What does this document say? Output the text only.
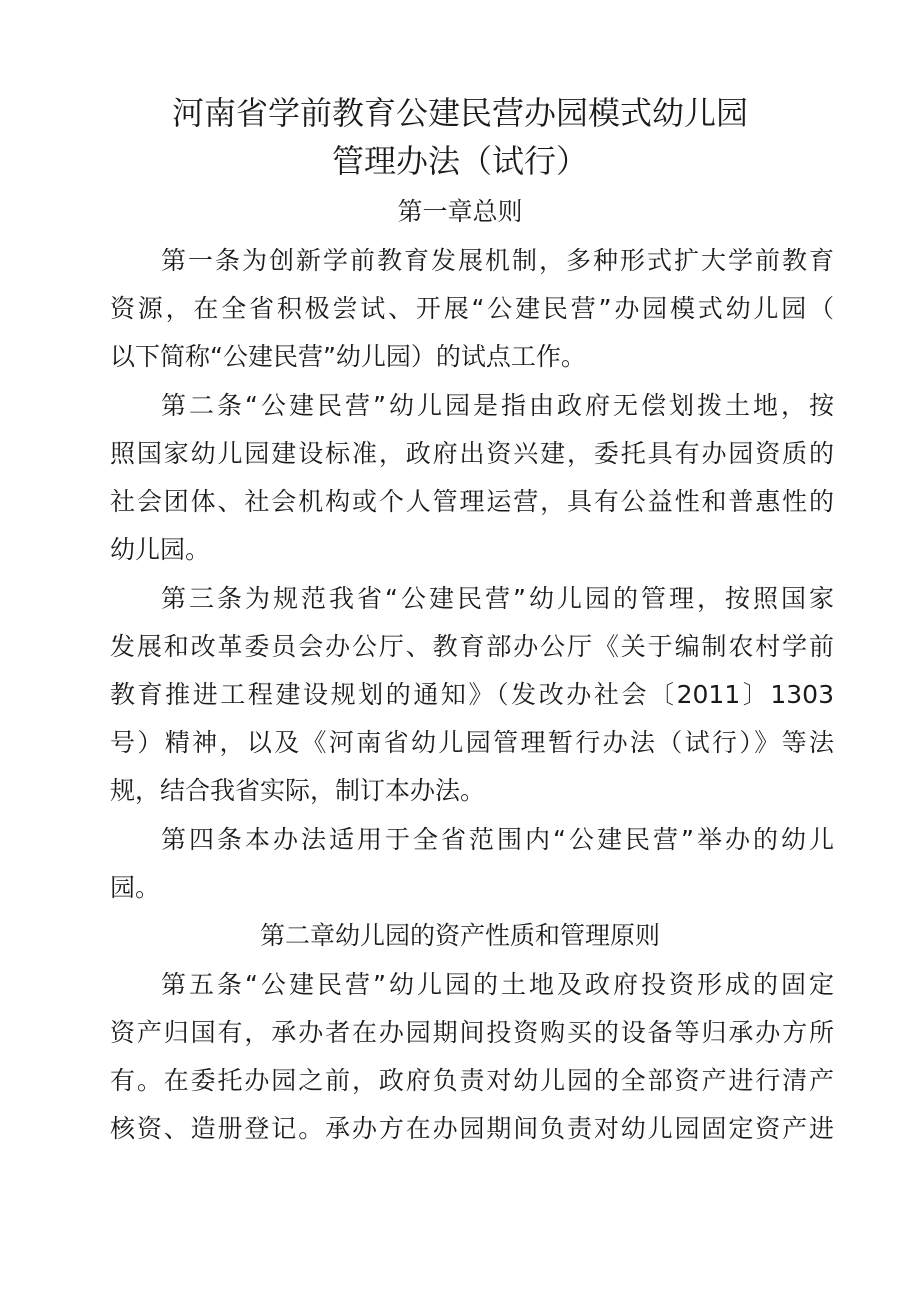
河南省学前教育公建民营办园模式幼儿园
管理办法（试行）
第一章总则
第一条为创新学前教育发展机制，多种形式扩大学前教育
资源，在全省积极尝试、开展“公建民营”办园模式幼儿园（
以下简称“公建民营”幼儿园）的试点工作。
第二条“公建民营”幼儿园是指由政府无偿划拨土地，按
照国家幼儿园建设标准，政府出资兴建，委托具有办园资质的
社会团体、社会机构或个人管理运营，具有公益性和普惠性的
幼儿园。
第三条为规范我省“公建民营”幼儿园的管理，按照国家
发展和改革委员会办公厅、教育部办公厅《关于编制农村学前
教育推进工程建设规划的通知》（发改办社会〔2011〕1303
号）精神，以及《河南省幼儿园管理暂行办法（试行）》等法
规，结合我省实际，制订本办法。
第四条本办法适用于全省范围内“公建民营”举办的幼儿
园。
第二章幼儿园的资产性质和管理原则
第五条“公建民营”幼儿园的土地及政府投资形成的固定
资产归国有，承办者在办园期间投资购买的设备等归承办方所
有。在委托办园之前，政府负责对幼儿园的全部资产进行清产
核资、造册登记。承办方在办园期间负责对幼儿园固定资产进
